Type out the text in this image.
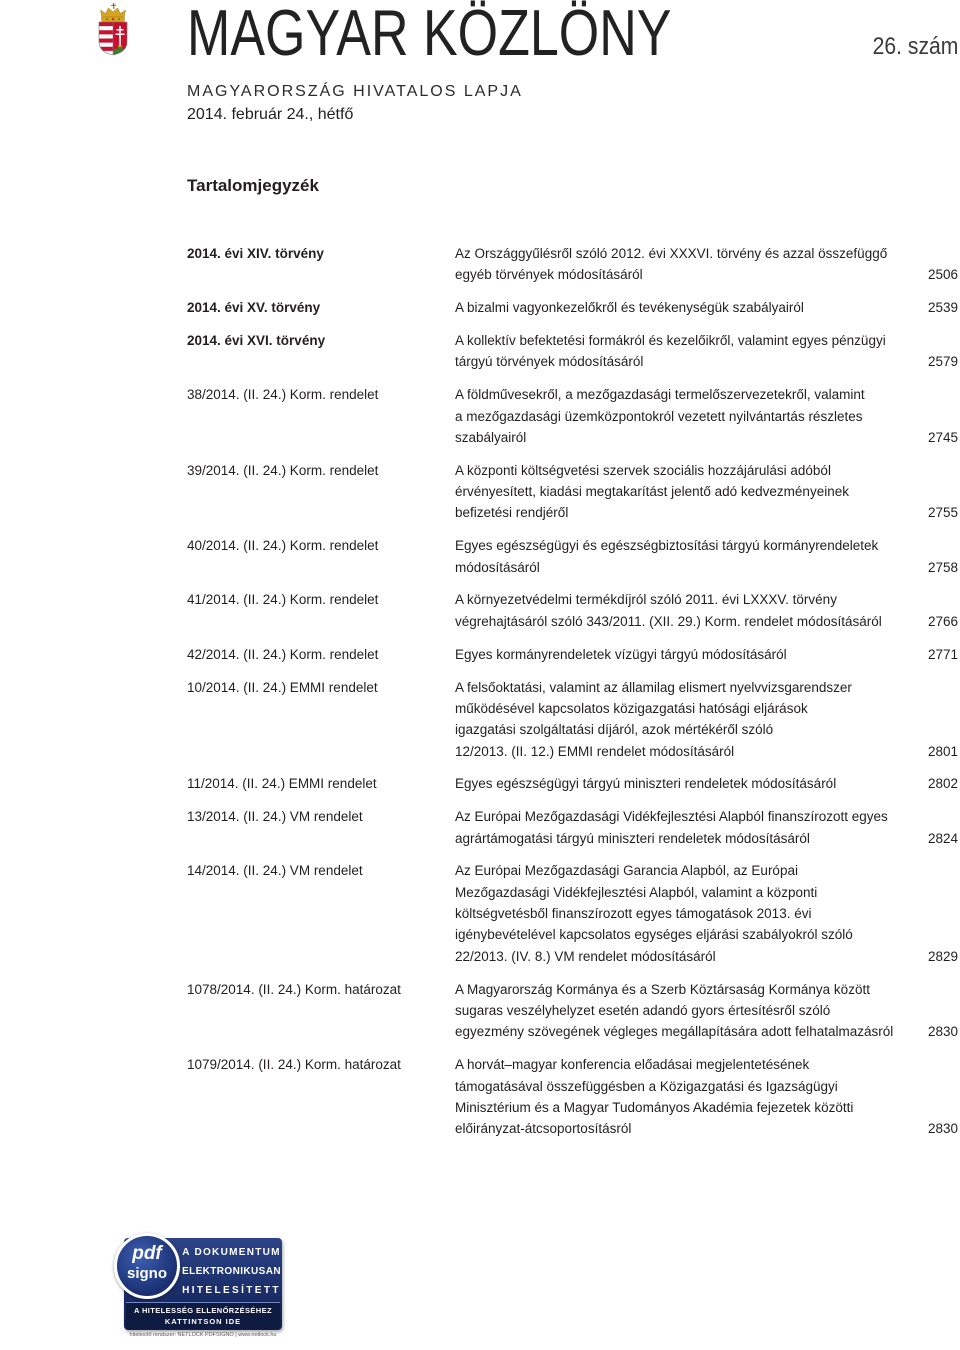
MAGYAR KÖZLÖNY	26. szám
MAGYARORSZÁG HIVATALOS LAPJA
2014. február 24., hétfő
Tartalomjegyzék
2014. évi XIV. törvény	Az Országgyűlésről szóló 2012. évi XXXVI. törvény és azzal összefüggő
egyéb törvények módosításáról	2506
2014. évi XV. törvény	A bizalmi vagyonkezelőkről és tevékenységük szabályairól	2539
2014. évi XVI. törvény	A kollektív befektetési formákról és kezelőikről, valamint egyes pénzügyi
tárgyú törvények módosításáról	2579
38/2014. (II. 24.) Korm. rendelet	A földművesekről, a mezőgazdasági termelőszervezetekről, valamint
a mezőgazdasági üzemközpontokról vezetett nyilvántartás részletes
szabályairól	2745
39/2014. (II. 24.) Korm. rendelet	A központi költségvetési szervek szociális hozzájárulási adóból
érvényesített, kiadási megtakarítást jelentő adó kedvezményeinek
befizetési rendjéről	2755
40/2014. (II. 24.) Korm. rendelet	Egyes egészségügyi és egészségbiztosítási tárgyú kormányrendeletek
módosításáról	2758
41/2014. (II. 24.) Korm. rendelet	A környezetvédelmi termékdíjról szóló 2011. évi LXXXV. törvény
végrehajtásáról szóló 343/2011. (XII. 29.) Korm. rendelet módosításáról	2766
42/2014. (II. 24.) Korm. rendelet	Egyes kormányrendeletek vízügyi tárgyú módosításáról	2771
10/2014. (II. 24.) EMMI rendelet	A felsőoktatási, valamint az államilag elismert nyelvvizsgarendszer
működésével kapcsolatos közigazgatási hatósági eljárások
igazgatási szolgáltatási díjáról, azok mértékéről szóló
12/2013. (II. 12.) EMMI rendelet módosításáról	2801
11/2014. (II. 24.) EMMI rendelet	Egyes egészségügyi tárgyú miniszteri rendeletek módosításáról	2802
13/2014. (II. 24.) VM rendelet	Az Európai Mezőgazdasági Vidékfejlesztési Alapból finanszírozott egyes
agrártámogatási tárgyú miniszteri rendeletek módosításáról	2824
14/2014. (II. 24.) VM rendelet	Az Európai Mezőgazdasági Garancia Alapból, az Európai
Mezőgazdasági Vidékfejlesztési Alapból, valamint a központi
költségvetésből finanszírozott egyes támogatások 2013. évi
igénybevételével kapcsolatos egységes eljárási szabályokról szóló
22/2013. (IV. 8.) VM rendelet módosításáról	2829
1078/2014. (II. 24.) Korm. határozat	A Magyarország Kormánya és a Szerb Köztársaság Kormánya között
sugaras veszélyhelyzet esetén adandó gyors értesítésről szóló
egyezmény szövegének végleges megállapítására adott felhatalmazásról	2830
1079/2014. (II. 24.) Korm. határozat	A horvát–magyar konferencia előadásai megjelentetésének
támogatásával összefüggésben a Közigazgatási és Igazságügyi
Minisztérium és a Magyar Tudományos Akadémia fejezetek közötti
előirányzat-átcsoportosításról	2830
A DOKUMENTUM
ELEKTRONIKUSAN
HITELESÍTETT
A HITELESSÉG ELLENŐRZÉSÉHEZ
KATTINTSON IDE
pdf
signo
hitelesítő rendszer: NETLOCK PDFSIGNO | www.netlock.hu
